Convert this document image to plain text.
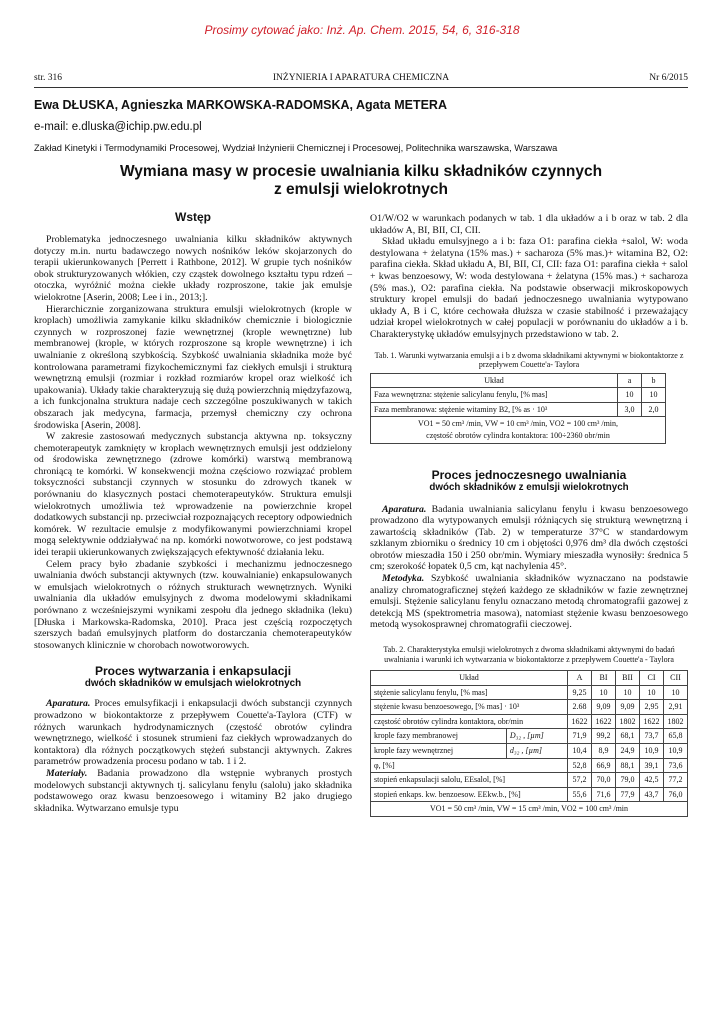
Prosimy cytować jako: Inż. Ap. Chem. 2015, 54, 6, 316-318
str. 316	INŻYNIERIA I APARATURA CHEMICZNA	Nr 6/2015
Ewa DŁUSKA, Agnieszka MARKOWSKA-RADOMSKA, Agata METERA
e-mail: e.dluska@ichip.pw.edu.pl
Zakład Kinetyki i Termodynamiki Procesowej, Wydział Inżynierii Chemicznej i Procesowej, Politechnika warszawska, Warszawa
Wymiana masy w procesie uwalniania kilku składników czynnych
z emulsji wielokrotnych
Wstęp

Problematyka jednoczesnego uwalniania kilku składników aktywnych dotyczy m.in. nurtu badawczego nowych nośników leków skojarzonych do terapii ukierunkowanych [Perrett i Rathbone, 2012]. W grupie tych nośników obok strukturyzowanych włókien, czy cząstek dowolnego kształtu typu rdzeń – otoczka, wyróżnić można ciekłe układy rozproszone, takie jak emulsje wielokrotne [Aserin, 2008; Lee i in., 2013;].

Hierarchicznie zorganizowana struktura emulsji wielokrotnych (krople w kroplach) umożliwia zamykanie kilku składników chemicznie i biologicznie czynnych w rozproszonej fazie wewnętrznej (krople wewnętrzne) lub membranowej (krople, w których rozproszone są krople wewnętrzne) i ich uwalnianie z określoną szybkością. Szybkość uwalniania składnika może być kontrolowana parametrami fizykochemicznymi faz ciekłych emulsji i strukturą wewnętrzną emulsji (rozmiar i rozkład rozmiarów kropel oraz wielkość ich upakowania). Układy takie charakteryzują się dużą powierzchnią międzyfazową, a ich funkcjonalna struktura nadaje cech szczególne poszukiwanych w takich obszarach jak medycyna, farmacja, przemysł chemiczny czy ochrona środowiska [Aserin, 2008].

W zakresie zastosowań medycznych substancja aktywna np. toksyczny chemoterapeutyk zamknięty w kroplach wewnętrznych emulsji jest oddzielony od środowiska zewnętrznego (zdrowe komórki) warstwą membranową chroniącą te komórki. W konsekwencji można częściowo rozwiązać problem toksyczności substancji czynnych w stosunku do zdrowych tkanek w porównaniu do klasycznych postaci chemoterapeutyków. Struktura emulsji wielokrotnych umożliwia też wprowadzenie na powierzchnie kropel dodatkowych substancji np. przeciwciał rozpoznających receptory odpowiednich komórek. W rezultacie emulsje z modyfikowanymi powierzchniami kropel mogą selektywnie oddziaływać na np. komórki nowotworowe, co jest podstawą idei terapii ukierunkowanych zwiększających efektywność działania leku.

Celem pracy było zbadanie szybkości i mechanizmu jednoczesnego uwalniania dwóch substancji aktywnych (tzw. kouwalnianie) enkapsulowanych w emulsjach wielokrotnych o różnych strukturach wewnętrznych. Wyniki uwalniania dla układów emulsyjnych z dwoma modelowymi składnikami porównano z wcześniejszymi wynikami zespołu dla jednego składnika (leku) [Dłuska i Markowska-Radomska, 2010]. Praca jest częścią rozpoczętych szerszych badań emulsyjnych platform do dostarczania chemoterapeutyków stosowanych klinicznie w chorobach nowotworowych.

Proces wytwarzania i enkapsulacji
dwóch składników w emulsjach wielokrotnych

Aparatura. Proces emulsyfikacji i enkapsulacji dwóch substancji czynnych prowadzono w biokontaktorze z przepływem Couette'a-Taylora (CTF) w różnych warunkach hydrodynamicznych (częstość obrotów cylindra wewnętrznego, wielkość i stosunek strumieni faz ciekłych wprowadzanych do kontaktora) dla różnych początkowych stężeń substancji aktywnych. Zakres parametrów prowadzenia procesu podano w tab. 1 i 2.

Materiały. Badania prowadzono dla wstępnie wybranych prostych modelowych substancji aktywnych tj. salicylanu fenylu (salolu) jako składnika podstawowego oraz kwasu benzoesowego i witaminy B2 jako drugiego składnika. Wytwarzano emulsje typu

O1/W/O2 w warunkach podanych w tab. 1 dla układów a i b oraz w tab. 2 dla układów A, BI, BII, CI, CII.

Skład układu emulsyjnego a i b: faza O1: parafina ciekła +salol, W: woda destylowana + żelatyna (15% mas.) + sacharoza (5% mas.)+ witamina B2, O2: parafina ciekła. Skład układu A, BI, BII, CI, CII: faza O1: parafina ciekła + salol + kwas benzoesowy, W: woda destylowana + żelatyna (15% mas.) + sacharoza (5% mas.), O2: parafina ciekła. Na podstawie obserwacji mikroskopowych struktury kropel emulsji do badań jednoczesnego uwalniania wytypowano układy A, B i C, które cechowała dłuższa w czasie stabilność i przeważający udział kropel wielokrotnych w całej populacji w porównaniu do układów a i b. Charakterystykę układów emulsyjnych przedstawiono w tab. 2.

Tab. 1. Warunki wytwarzania emulsji a i b z dwoma składnikami aktywnymi w biokontaktorze z przepływem Couette'a- Taylora
Układ	a	b
Faza wewnętrzna: stężenie salicylanu fenylu, [% mas]	10	10
Faza membranowa: stężenie witaminy B2, [% as · 10³	3,0	2,0

VO1 = 50 cm³ /min, VW = 10 cm³ /min, VO2 = 100 cm³ /min,
częstość obrotów cylindra kontaktora: 100÷2360 obr/min		
Proces jednoczesnego uwalniania
dwóch składników z emulsji wielokrotnych

Aparatura. Badania uwalniania salicylanu fenylu i kwasu benzoesowego prowadzono dla wytypowanych emulsji różniących się strukturą wewnętrzną i zawartością składników (Tab. 2) w temperaturze 37°C w standardowym szklanym zbiorniku o średnicy 10 cm i objętości 0,976 dm³ dla dwóch częstości obrotów mieszadła 150 i 250 obr/min. Wymiary mieszadła wynosiły: średnica 5 cm; szerokość łopatek 0,5 cm, kąt nachylenia 45°.

Metodyka. Szybkość uwalniania składników wyznaczano na podstawie analizy chromatograficznej stężeń każdego ze składników w fazie zewnętrznej emulsji. Stężenie salicylanu fenylu oznaczano metodą chromatografii gazowej z detekcją MS (spektrometria masowa), natomiast stężenie kwasu benzoesowego metodą wysokosprawnej chromatografii cieczowej.

Tab. 2. Charakterystyka emulsji wielokrotnych z dwoma składnikami aktywnymi do badań uwalniania i warunki ich wytwarzania w biokontaktorze z przepływem Couette'a - Taylora
Układ		A	BI	BII	CI	CII
stężenie salicylanu fenylu, [% mas]		9,25	10	10	10	10
stężenie kwasu benzoesowego, [% mas] · 10³		2.68	9,09	9,09	2,95	2,91
częstość obrotów cylindra kontaktora, obr/min		1622	1622	1802	1622	1802
krople fazy membranowej	D₃₂ , [µm]	71,9	99,2	68,1	73,7	65,8
krople fazy wewnętrznej	d₃₂ , [µm]	10,4	8,9	24,9	10,9	10,9
φ, [%]		52,8	66,9	88,1	39,1	73,6
stopień enkapsulacji salolu, EEsalol, [%]		57,2	70,0	79,0	42,5	77,2
stopień enkaps. kw. benzoesow. EEkw.b., [%]		55,6	71,6	77,9	43,7	76,0
VO1 = 50 cm³ /min, VW = 15 cm³ /min, VO2 = 100 cm³ /min						
